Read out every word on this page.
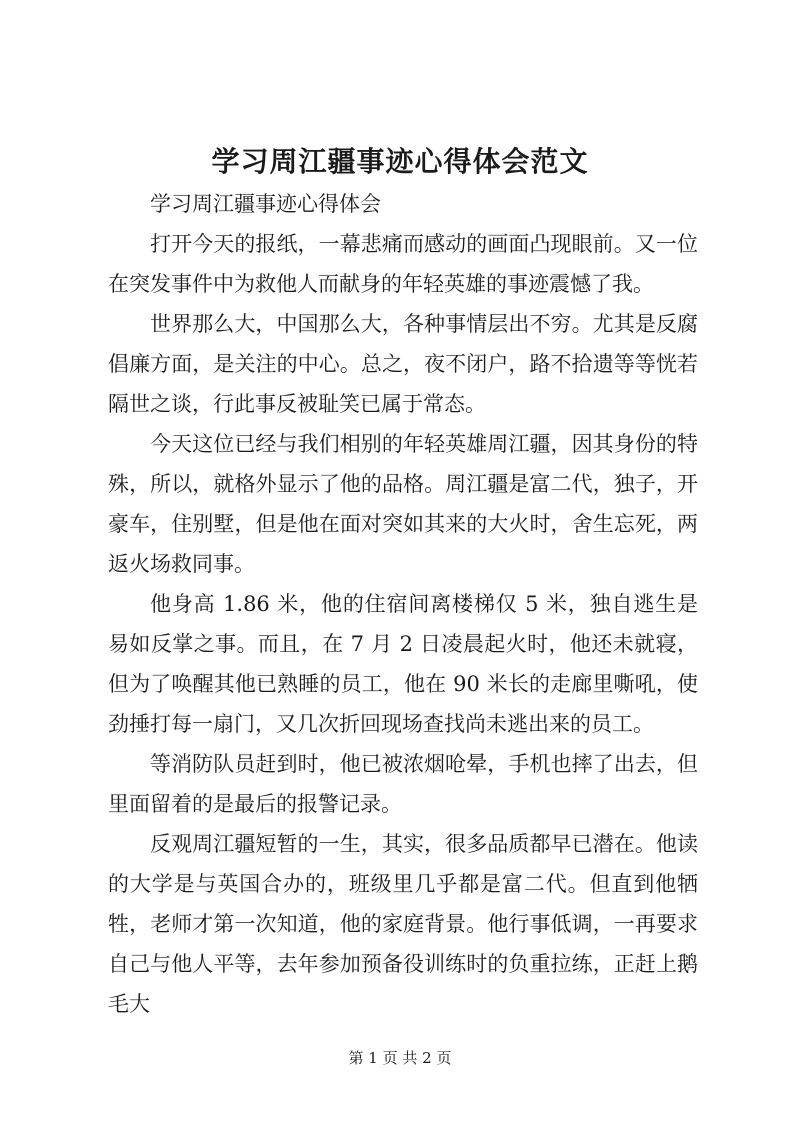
学习周江疆事迹心得体会范文

学习周江疆事迹心得体会

打开今天的报纸，一幕悲痛而感动的画面凸现眼前。又一位在突发事件中为救他人而献身的年轻英雄的事迹震憾了我。

世界那么大，中国那么大，各种事情层出不穷。尤其是反腐倡廉方面，是关注的中心。总之，夜不闭户，路不拾遗等等恍若隔世之谈，行此事反被耻笑已属于常态。

今天这位已经与我们相别的年轻英雄周江疆，因其身份的特殊，所以，就格外显示了他的品格。周江疆是富二代，独子，开豪车，住别墅，但是他在面对突如其来的大火时，舍生忘死，两返火场救同事。

他身高 1.86 米，他的住宿间离楼梯仅 5 米，独自逃生是易如反掌之事。而且，在 7 月 2 日凌晨起火时，他还未就寝，但为了唤醒其他已熟睡的员工，他在 90 米长的走廊里嘶吼，使劲捶打每一扇门，又几次折回现场查找尚未逃出来的员工。

等消防队员赶到时，他已被浓烟呛晕，手机也摔了出去，但里面留着的是最后的报警记录。

反观周江疆短暂的一生，其实，很多品质都早已潜在。他读的大学是与英国合办的，班级里几乎都是富二代。但直到他牺牲，老师才第一次知道，他的家庭背景。他行事低调，一再要求自己与他人平等，去年参加预备役训练时的负重拉练，正赶上鹅毛大

第 1 页 共 2 页
